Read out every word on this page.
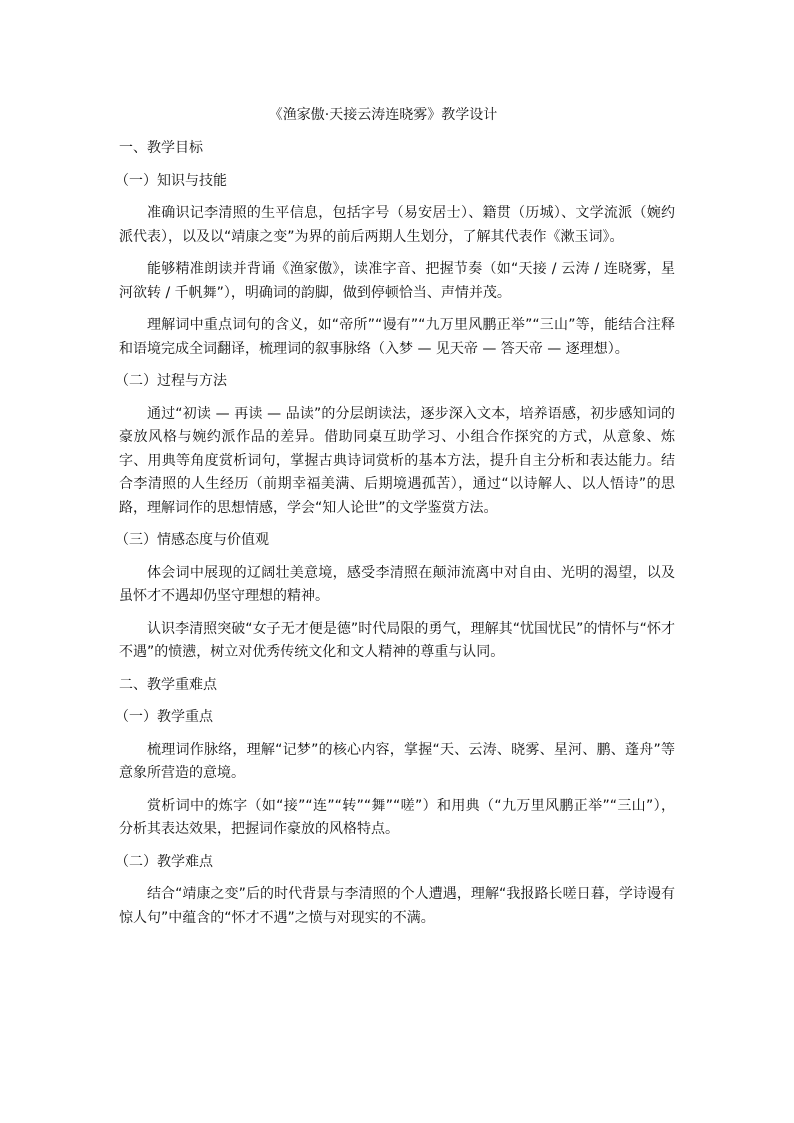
《渔家傲·天接云涛连晓雾》教学设计
一、教学目标
（一）知识与技能
准确识记李清照的生平信息，包括字号（易安居士）、籍贯（历城）、文学流派（婉约派代表），以及以“靖康之变”为界的前后两期人生划分，了解其代表作《漱玉词》。
能够精准朗读并背诵《渔家傲》，读准字音、把握节奏（如“天接 / 云涛 / 连晓雾，星河欲转 / 千帆舞”），明确词的韵脚，做到停顿恰当、声情并茂。
理解词中重点词句的含义，如“帝所”“谩有”“九万里风鹏正举”“三山”等，能结合注释和语境完成全词翻译，梳理词的叙事脉络（入梦 — 见天帝 — 答天帝 — 逐理想）。
（二）过程与方法
通过“初读 — 再读 — 品读”的分层朗读法，逐步深入文本，培养语感，初步感知词的豪放风格与婉约派作品的差异。借助同桌互助学习、小组合作探究的方式，从意象、炼字、用典等角度赏析词句，掌握古典诗词赏析的基本方法，提升自主分析和表达能力。结合李清照的人生经历（前期幸福美满、后期境遇孤苦），通过“以诗解人、以人悟诗”的思路，理解词作的思想情感，学会“知人论世”的文学鉴赏方法。
（三）情感态度与价值观
体会词中展现的辽阔壮美意境，感受李清照在颠沛流离中对自由、光明的渴望，以及虽怀才不遇却仍坚守理想的精神。
认识李清照突破“女子无才便是德”时代局限的勇气，理解其“忧国忧民”的情怀与“怀才不遇”的愤懑，树立对优秀传统文化和文人精神的尊重与认同。
二、教学重难点
（一）教学重点
梳理词作脉络，理解“记梦”的核心内容，掌握“天、云涛、晓雾、星河、鹏、蓬舟”等意象所营造的意境。
赏析词中的炼字（如“接”“连”“转”“舞”“嗟”）和用典（“九万里风鹏正举”“三山”），分析其表达效果，把握词作豪放的风格特点。
（二）教学难点
结合“靖康之变”后的时代背景与李清照的个人遭遇，理解“我报路长嗟日暮，学诗谩有惊人句”中蕴含的“怀才不遇”之愤与对现实的不满。
